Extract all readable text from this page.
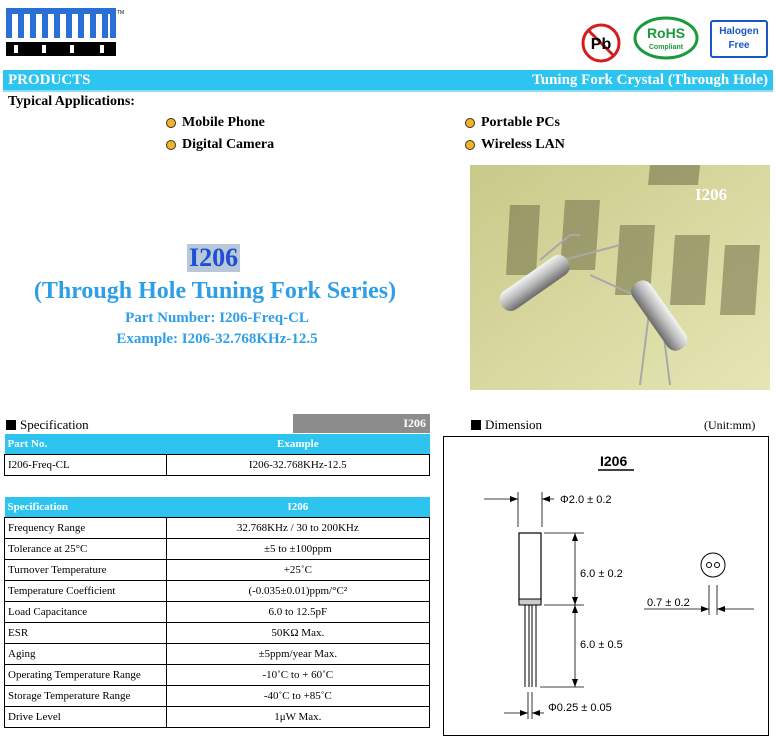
TM
Pb
RoHS
Compliant
Halogen
Free
PRODUCTS	Tuning Fork Crystal (Through Hole)
Typical Applications:
Mobile Phone
Digital Camera
Portable PCs
Wireless LAN
I206
I206
(Through Hole Tuning Fork Series)
Part Number: I206-Freq-CL
Example: I206-32.768KHz-12.5
Specification	I206
Part No.	Example
I206-Freq-CL	I206-32.768KHz-12.5
Specification	I206
Frequency Range	32.768KHz / 30 to 200KHz
Tolerance at 25°C	±5 to ±100ppm
Turnover Temperature	+25˚C
Temperature Coefficient	(-0.035±0.01)ppm/°C²
Load Capacitance	6.0 to 12.5pF
ESR	50KΩ Max.
Aging	±5ppm/year Max.
Operating Temperature Range	-10˚C to + 60˚C
Storage Temperature Range	-40˚C to +85˚C
Drive Level	1μW Max.
Dimension	(Unit:mm)
I206
Φ2.0 ± 0.2
6.0 ± 0.2
6.0 ± 0.5
Φ0.25 ± 0.05
0.7 ± 0.2
